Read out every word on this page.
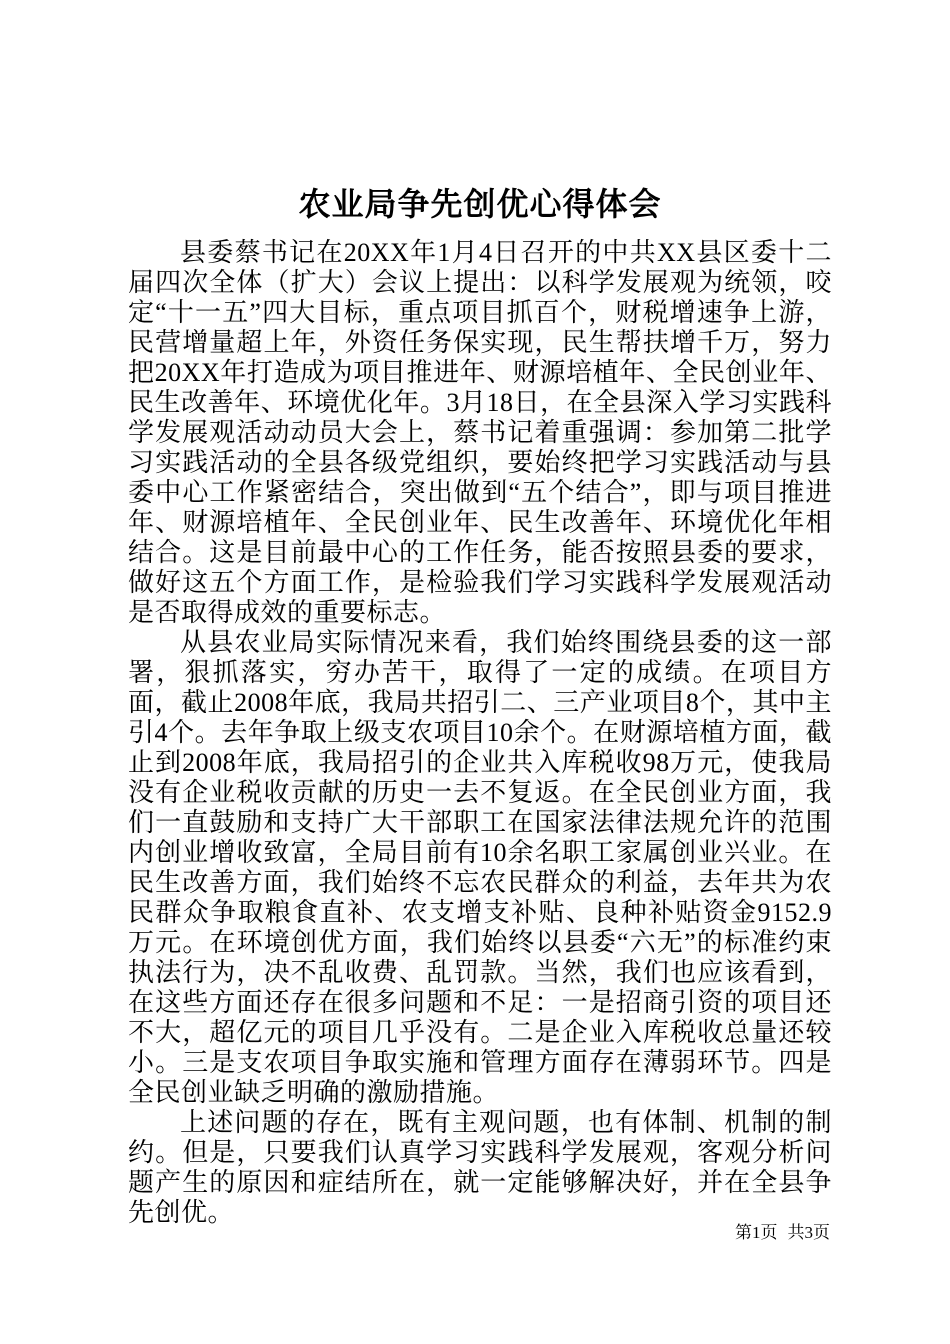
农业局争先创优心得体会

县委蔡书记在20XX年1月4日召开的中共XX县区委十二届四次全体（扩大）会议上提出：以科学发展观为统领，咬定“十一五”四大目标，重点项目抓百个，财税增速争上游，民营增量超上年，外资任务保实现，民生帮扶增千万，努力把20XX年打造成为项目推进年、财源培植年、全民创业年、民生改善年、环境优化年。3月18日，在全县深入学习实践科学发展观活动动员大会上，蔡书记着重强调：参加第二批学习实践活动的全县各级党组织，要始终把学习实践活动与县委中心工作紧密结合，突出做到“五个结合”，即与项目推进年、财源培植年、全民创业年、民生改善年、环境优化年相结合。这是目前最中心的工作任务，能否按照县委的要求，做好这五个方面工作，是检验我们学习实践科学发展观活动是否取得成效的重要标志。

从县农业局实际情况来看，我们始终围绕县委的这一部署，狠抓落实，穷办苦干，取得了一定的成绩。在项目方面，截止2008年底，我局共招引二、三产业项目8个，其中主引4个。去年争取上级支农项目10余个。在财源培植方面，截止到2008年底，我局招引的企业共入库税收98万元，使我局没有企业税收贡献的历史一去不复返。在全民创业方面，我们一直鼓励和支持广大干部职工在国家法律法规允许的范围内创业增收致富，全局目前有10余名职工家属创业兴业。在民生改善方面，我们始终不忘农民群众的利益，去年共为农民群众争取粮食直补、农支增支补贴、良种补贴资金9152.9万元。在环境创优方面，我们始终以县委“六无”的标准约束执法行为，决不乱收费、乱罚款。当然，我们也应该看到，在这些方面还存在很多问题和不足：一是招商引资的项目还不大，超亿元的项目几乎没有。二是企业入库税收总量还较小。三是支农项目争取实施和管理方面存在薄弱环节。四是全民创业缺乏明确的激励措施。

上述问题的存在，既有主观问题，也有体制、机制的制约。但是，只要我们认真学习实践科学发展观，客观分析问题产生的原因和症结所在，就一定能够解决好，并在全县争先创优。

第1页 共3页
